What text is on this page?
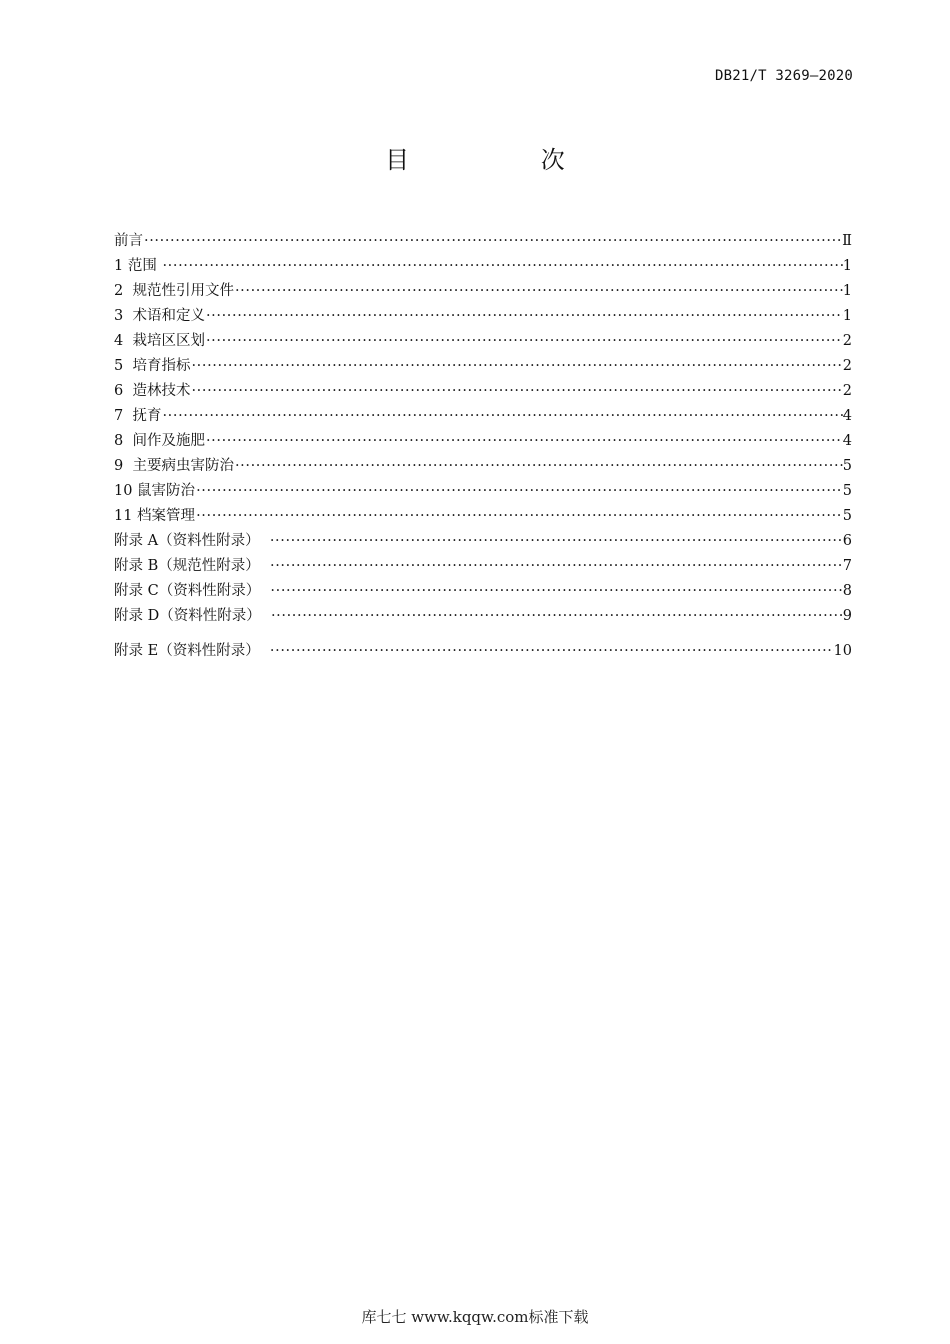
DB21/T 3269—2020
目 次
前言 ·····	Ⅱ
1 范围 ·····	1
2  规范性引用文件 ·····	1
3  术语和定义 ·····	1
4  栽培区区划 ·····	2
5  培育指标 ·····	2
6  造林技术 ·····	2
7  抚育 ·····	4
8  间作及施肥 ·····	4
9  主要病虫害防治 ·····	5
10 鼠害防治 ·····	5
11 档案管理 ·····	5
附录 A（资料性附录） ·····	6
附录 B（规范性附录） ·····	7
附录 C（资料性附录） ·····	8
附录 D（资料性附录） ·····	9
附录 E（资料性附录） ·····	10
库七七 www.kqqw.com标准下载
